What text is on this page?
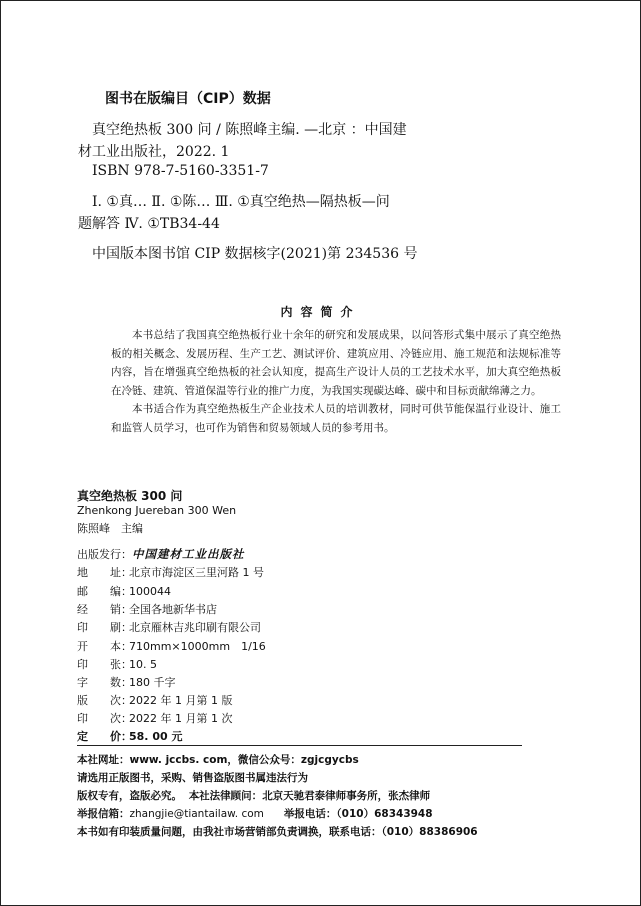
图书在版编目（CIP）数据
真空绝热板 300 问 / 陈照峰主编. —北京 ：中国建
材工业出版社，2022. 1
ISBN 978-7-5160-3351-7
Ⅰ. ①真… Ⅱ. ①陈… Ⅲ. ①真空绝热—隔热板—问
题解答 Ⅳ. ①TB34-44
中国版本图书馆 CIP 数据核字(2021)第 234536 号
内容简介

本书总结了我国真空绝热板行业十余年的研究和发展成果，以问答形式集中展示了真空绝热板的相关概念、发展历程、生产工艺、测试评价、建筑应用、冷链应用、施工规范和法规标准等内容，旨在增强真空绝热板的社会认知度，提高生产设计人员的工艺技术水平，加大真空绝热板在冷链、建筑、管道保温等行业的推广力度，为我国实现碳达峰、碳中和目标贡献绵薄之力。

本书适合作为真空绝热板生产企业技术人员的培训教材，同时可供节能保温行业设计、施工和监管人员学习，也可作为销售和贸易领域人员的参考用书。

真空绝热板 300 问
Zhenkong Juereban 300 Wen
陈照峰　主编
出版发行：中国建材工业出版社
地　　址：北京市海淀区三里河路 1 号
邮　　编：100044
经　　销：全国各地新华书店
印　　刷：北京雁林吉兆印刷有限公司
开　　本：710mm×1000mm　1/16
印　　张：10. 5
字　　数：180 千字
版　　次：2022 年 1 月第 1 版
印　　次：2022 年 1 月第 1 次
定　　价：58. 00 元
本社网址：www. jccbs. com，微信公众号：zgjcgycbs
请选用正版图书，采购、销售盗版图书属违法行为
版权专有，盗版必究。 本社法律顾问：北京天驰君泰律师事务所，张杰律师
举报信箱：zhangjie@tiantailaw. com 举报电话：（010）68343948
本书如有印装质量问题，由我社市场营销部负责调换，联系电话：（010）88386906
